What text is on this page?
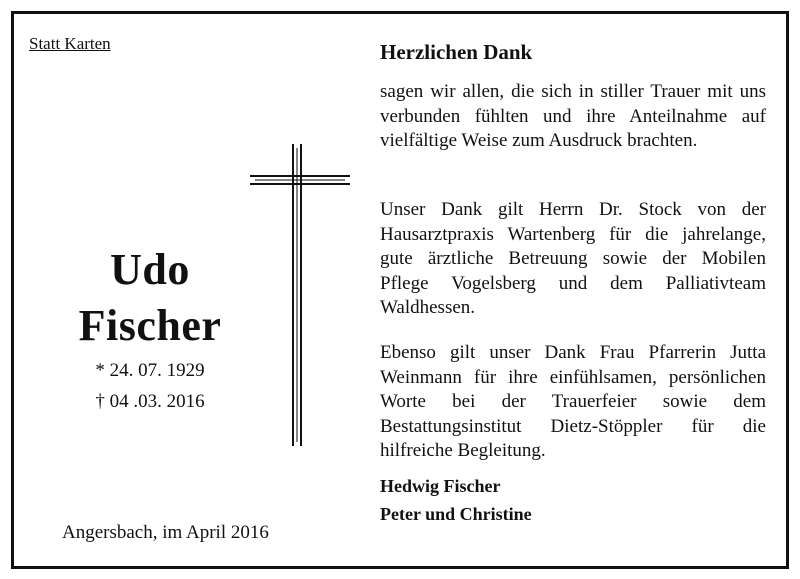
Statt Karten
Udo
Fischer
* 24. 07. 1929
† 04 .03. 2016
Angersbach, im April 2016
Herzlichen Dank
sagen wir allen, die sich in stiller Trauer mit uns verbunden fühlten und ihre Anteilnahme auf vielfältige Weise zum Ausdruck brachten.
Unser Dank gilt Herrn Dr. Stock von der Hausarztpraxis Wartenberg für die jahrelange, gute ärztliche Betreuung sowie der Mobilen Pflege Vogelsberg und dem Palliativteam Waldhessen.
Ebenso gilt unser Dank Frau Pfarrerin Jutta Weinmann für ihre einfühlsamen, persönlichen Worte bei der Trauerfeier sowie dem Bestattungsinstitut Dietz-Stöppler für die hilfreiche Begleitung.
Hedwig Fischer
Peter und Christine
